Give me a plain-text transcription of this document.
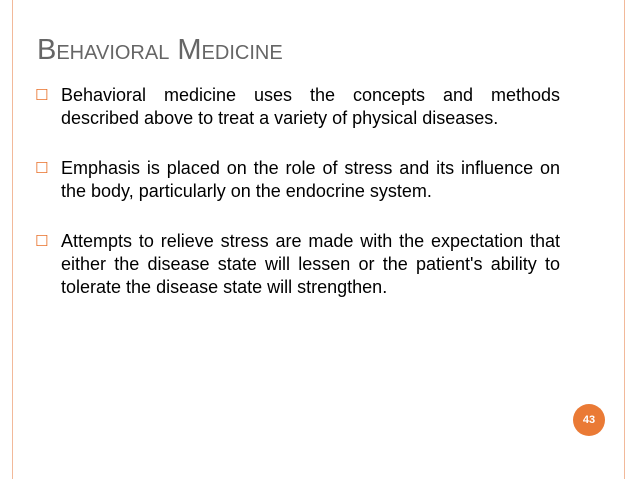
Behavioral Medicine
☐ Behavioral medicine uses the concepts and methods described above to treat a variety of physical diseases.
☐ Emphasis is placed on the role of stress and its influence on the body, particularly on the endocrine system.
☐ Attempts to relieve stress are made with the expectation that either the disease state will lessen or the patient's ability to tolerate the disease state will strengthen.
43
